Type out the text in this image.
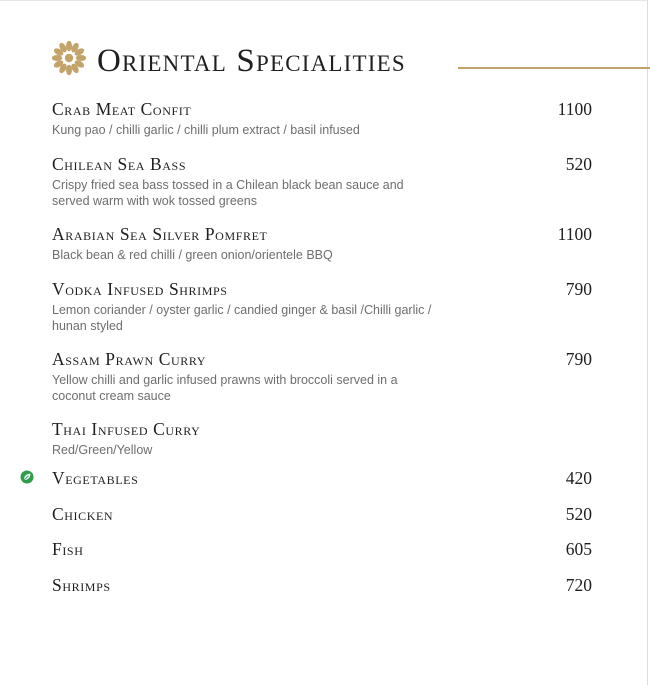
Oriental Specialities
Crab Meat Confit	1100
Kung pao / chilli garlic / chilli plum extract / basil infused
Chilean Sea Bass	520
Crispy fried sea bass tossed in a Chilean black bean sauce and served warm with wok tossed greens
Arabian Sea Silver Pomfret	1100
Black bean & red chilli / green onion/orientele BBQ
Vodka Infused Shrimps	790
Lemon coriander / oyster garlic / candied ginger & basil /Chilli garlic / hunan styled
Assam Prawn Curry	790
Yellow chilli and garlic infused prawns with broccoli served in a coconut cream sauce
Thai Infused Curry
Red/Green/Yellow
Vegetables	420
Chicken	520
Fish	605
Shrimps	720
